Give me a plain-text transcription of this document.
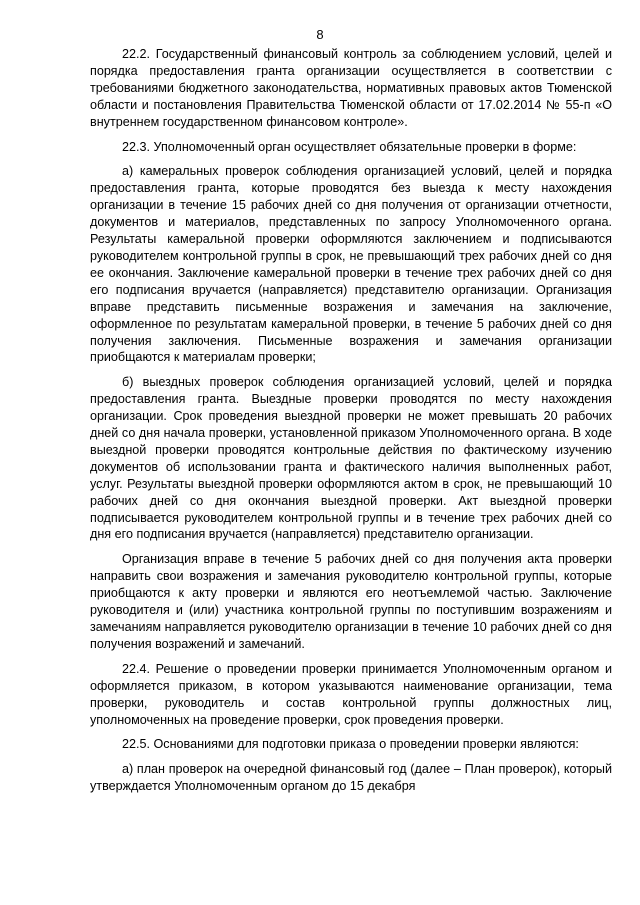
8

22.2. Государственный финансовый контроль за соблюдением условий, целей и порядка предоставления гранта организации осуществляется в соответствии с требованиями бюджетного законодательства, нормативных правовых актов Тюменской области и постановления Правительства Тюменской области от 17.02.2014 № 55-п «О внутреннем государственном финансовом контроле».

22.3. Уполномоченный орган осуществляет обязательные проверки в форме:

а) камеральных проверок соблюдения организацией условий, целей и порядка предоставления гранта, которые проводятся без выезда к месту нахождения организации в течение 15 рабочих дней со дня получения от организации отчетности, документов и материалов, представленных по запросу Уполномоченного органа. Результаты камеральной проверки оформляются заключением и подписываются руководителем контрольной группы в срок, не превышающий трех рабочих дней со дня ее окончания. Заключение камеральной проверки в течение трех рабочих дней со дня его подписания вручается (направляется) представителю организации. Организация вправе представить письменные возражения и замечания на заключение, оформленное по результатам камеральной проверки, в течение 5 рабочих дней со дня получения заключения. Письменные возражения и замечания организации приобщаются к материалам проверки;

б) выездных проверок соблюдения организацией условий, целей и порядка предоставления гранта. Выездные проверки проводятся по месту нахождения организации. Срок проведения выездной проверки не может превышать 20 рабочих дней со дня начала проверки, установленной приказом Уполномоченного органа. В ходе выездной проверки проводятся контрольные действия по фактическому изучению документов об использовании гранта и фактического наличия выполненных работ, услуг. Результаты выездной проверки оформляются актом в срок, не превышающий 10 рабочих дней со дня окончания выездной проверки. Акт выездной проверки подписывается руководителем контрольной группы и в течение трех рабочих дней со дня его подписания вручается (направляется) представителю организации.

Организация вправе в течение 5 рабочих дней со дня получения акта проверки направить свои возражения и замечания руководителю контрольной группы, которые приобщаются к акту проверки и являются его неотъемлемой частью. Заключение руководителя и (или) участника контрольной группы по поступившим возражениям и замечаниям направляется руководителю организации в течение 10 рабочих дней со дня получения возражений и замечаний.

22.4. Решение о проведении проверки принимается Уполномоченным органом и оформляется приказом, в котором указываются наименование организации, тема проверки, руководитель и состав контрольной группы должностных лиц, уполномоченных на проведение проверки, срок проведения проверки.

22.5. Основаниями для подготовки приказа о проведении проверки являются:

а) план проверок на очередной финансовый год (далее – План проверок), который утверждается Уполномоченным органом до 15 декабря
